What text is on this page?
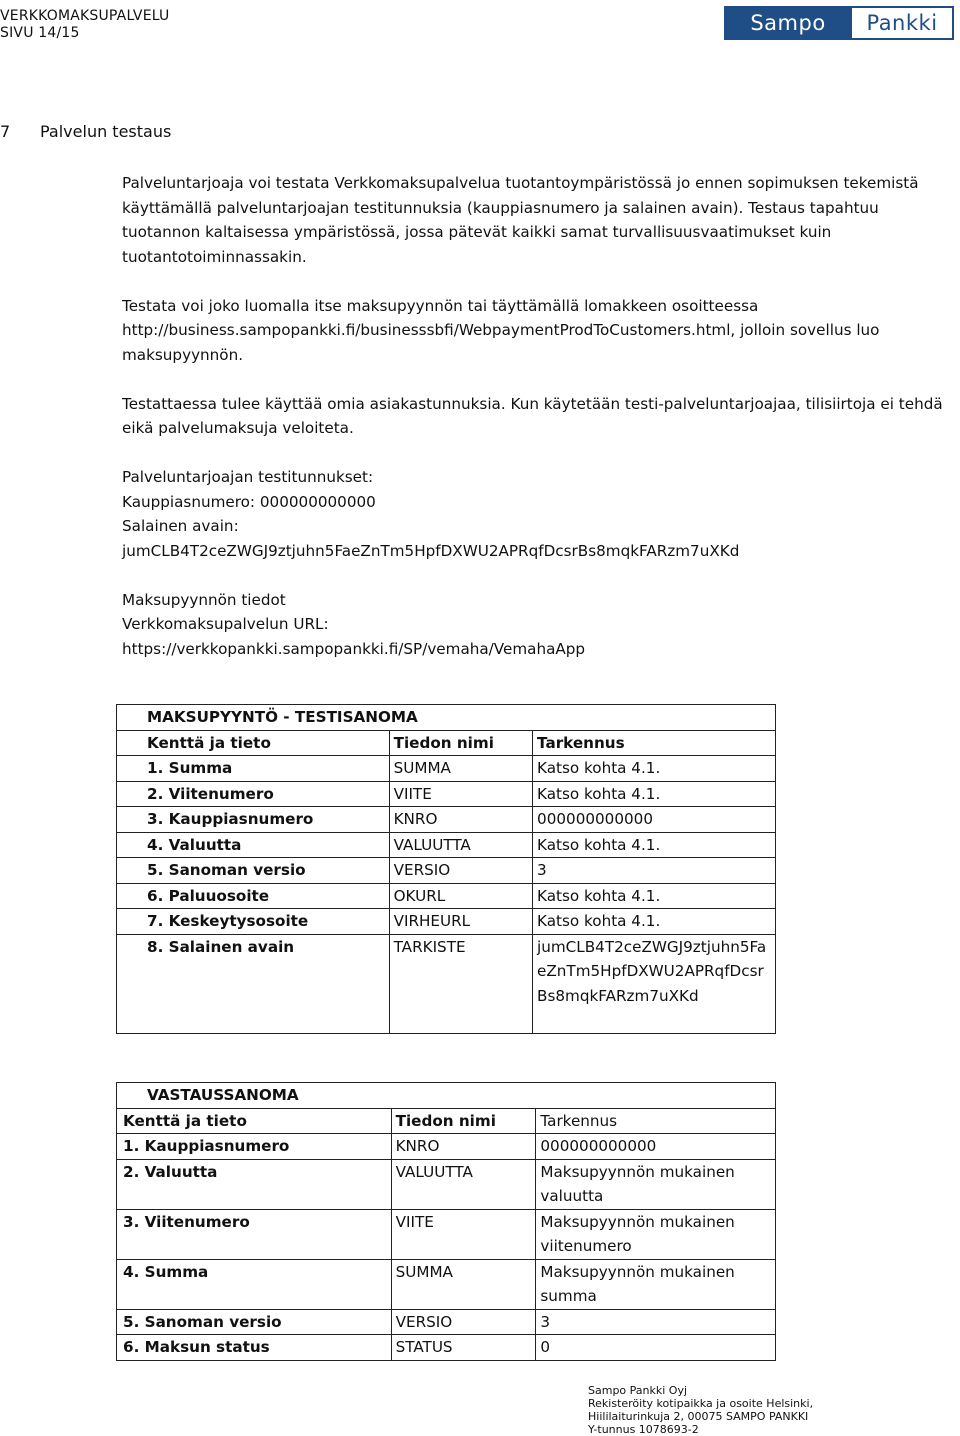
VERKKOMAKSUPALVELU
SIVU 14/15	Sampo	Pankki
7 Palvelun testaus

Palveluntarjoaja voi testata Verkkomaksupalvelua tuotantoympäristössä jo ennen sopimuksen tekemistä käyttämällä palveluntarjoajan testitunnuksia (kauppiasnumero ja salainen avain). Testaus tapahtuu tuotannon kaltaisessa ympäristössä, jossa pätevät kaikki samat turvallisuusvaatimukset kuin tuotantotoiminnassakin.

Testata voi joko luomalla itse maksupyynnön tai täyttämällä lomakkeen osoitteessa http://business.sampopankki.fi/businesssbfi/WebpaymentProdToCustomers.html, jolloin sovellus luo maksupyynnön.

Testattaessa tulee käyttää omia asiakastunnuksia. Kun käytetään testi-palveluntarjoajaa, tilisiirtoja ei tehdä eikä palvelumaksuja veloiteta.

Palveluntarjoajan testitunnukset:
Kauppiasnumero: 000000000000
Salainen avain:
jumCLB4T2ceZWGJ9ztjuhn5FaeZnTm5HpfDXWU2APRqfDcsrBs8mqkFARzm7uXKd
Maksupyynnön tiedot
Verkkomaksupalvelun URL:
https://verkkopankki.sampopankki.fi/SP/vemaha/VemahaApp
MAKSUPYYNTÖ - TESTISANOMA		
Kenttä ja tieto	Tiedon nimi	Tarkennus
1. Summa	SUMMA	Katso kohta 4.1.
2. Viitenumero	VIITE	Katso kohta 4.1.
3. Kauppiasnumero	KNRO	000000000000
4. Valuutta	VALUUTTA	Katso kohta 4.1.
5. Sanoman versio	VERSIO	3
6. Paluuosoite	OKURL	Katso kohta 4.1.
7. Keskeytysosoite	VIRHEURL	Katso kohta 4.1.
8. Salainen avain	TARKISTE	jumCLB4T2ceZWGJ9ztjuhn5FaeZnTm5HpfDXWU2APRqfDcsrBs8mqkFARzm7uXKd
VASTAUSSANOMA		
Kenttä ja tieto	Tiedon nimi	Tarkennus
1. Kauppiasnumero	KNRO	000000000000
2. Valuutta	VALUUTTA	Maksupyynnön mukainen valuutta
3. Viitenumero	VIITE	Maksupyynnön mukainen viitenumero
4. Summa	SUMMA	Maksupyynnön mukainen summa
5. Sanoman versio	VERSIO	3
6. Maksun status	STATUS	0
Sampo Pankki Oyj
Rekisteröity kotipaikka ja osoite Helsinki,
Hiililaiturinkuja 2, 00075 SAMPO PANKKI
Y-tunnus 1078693-2
